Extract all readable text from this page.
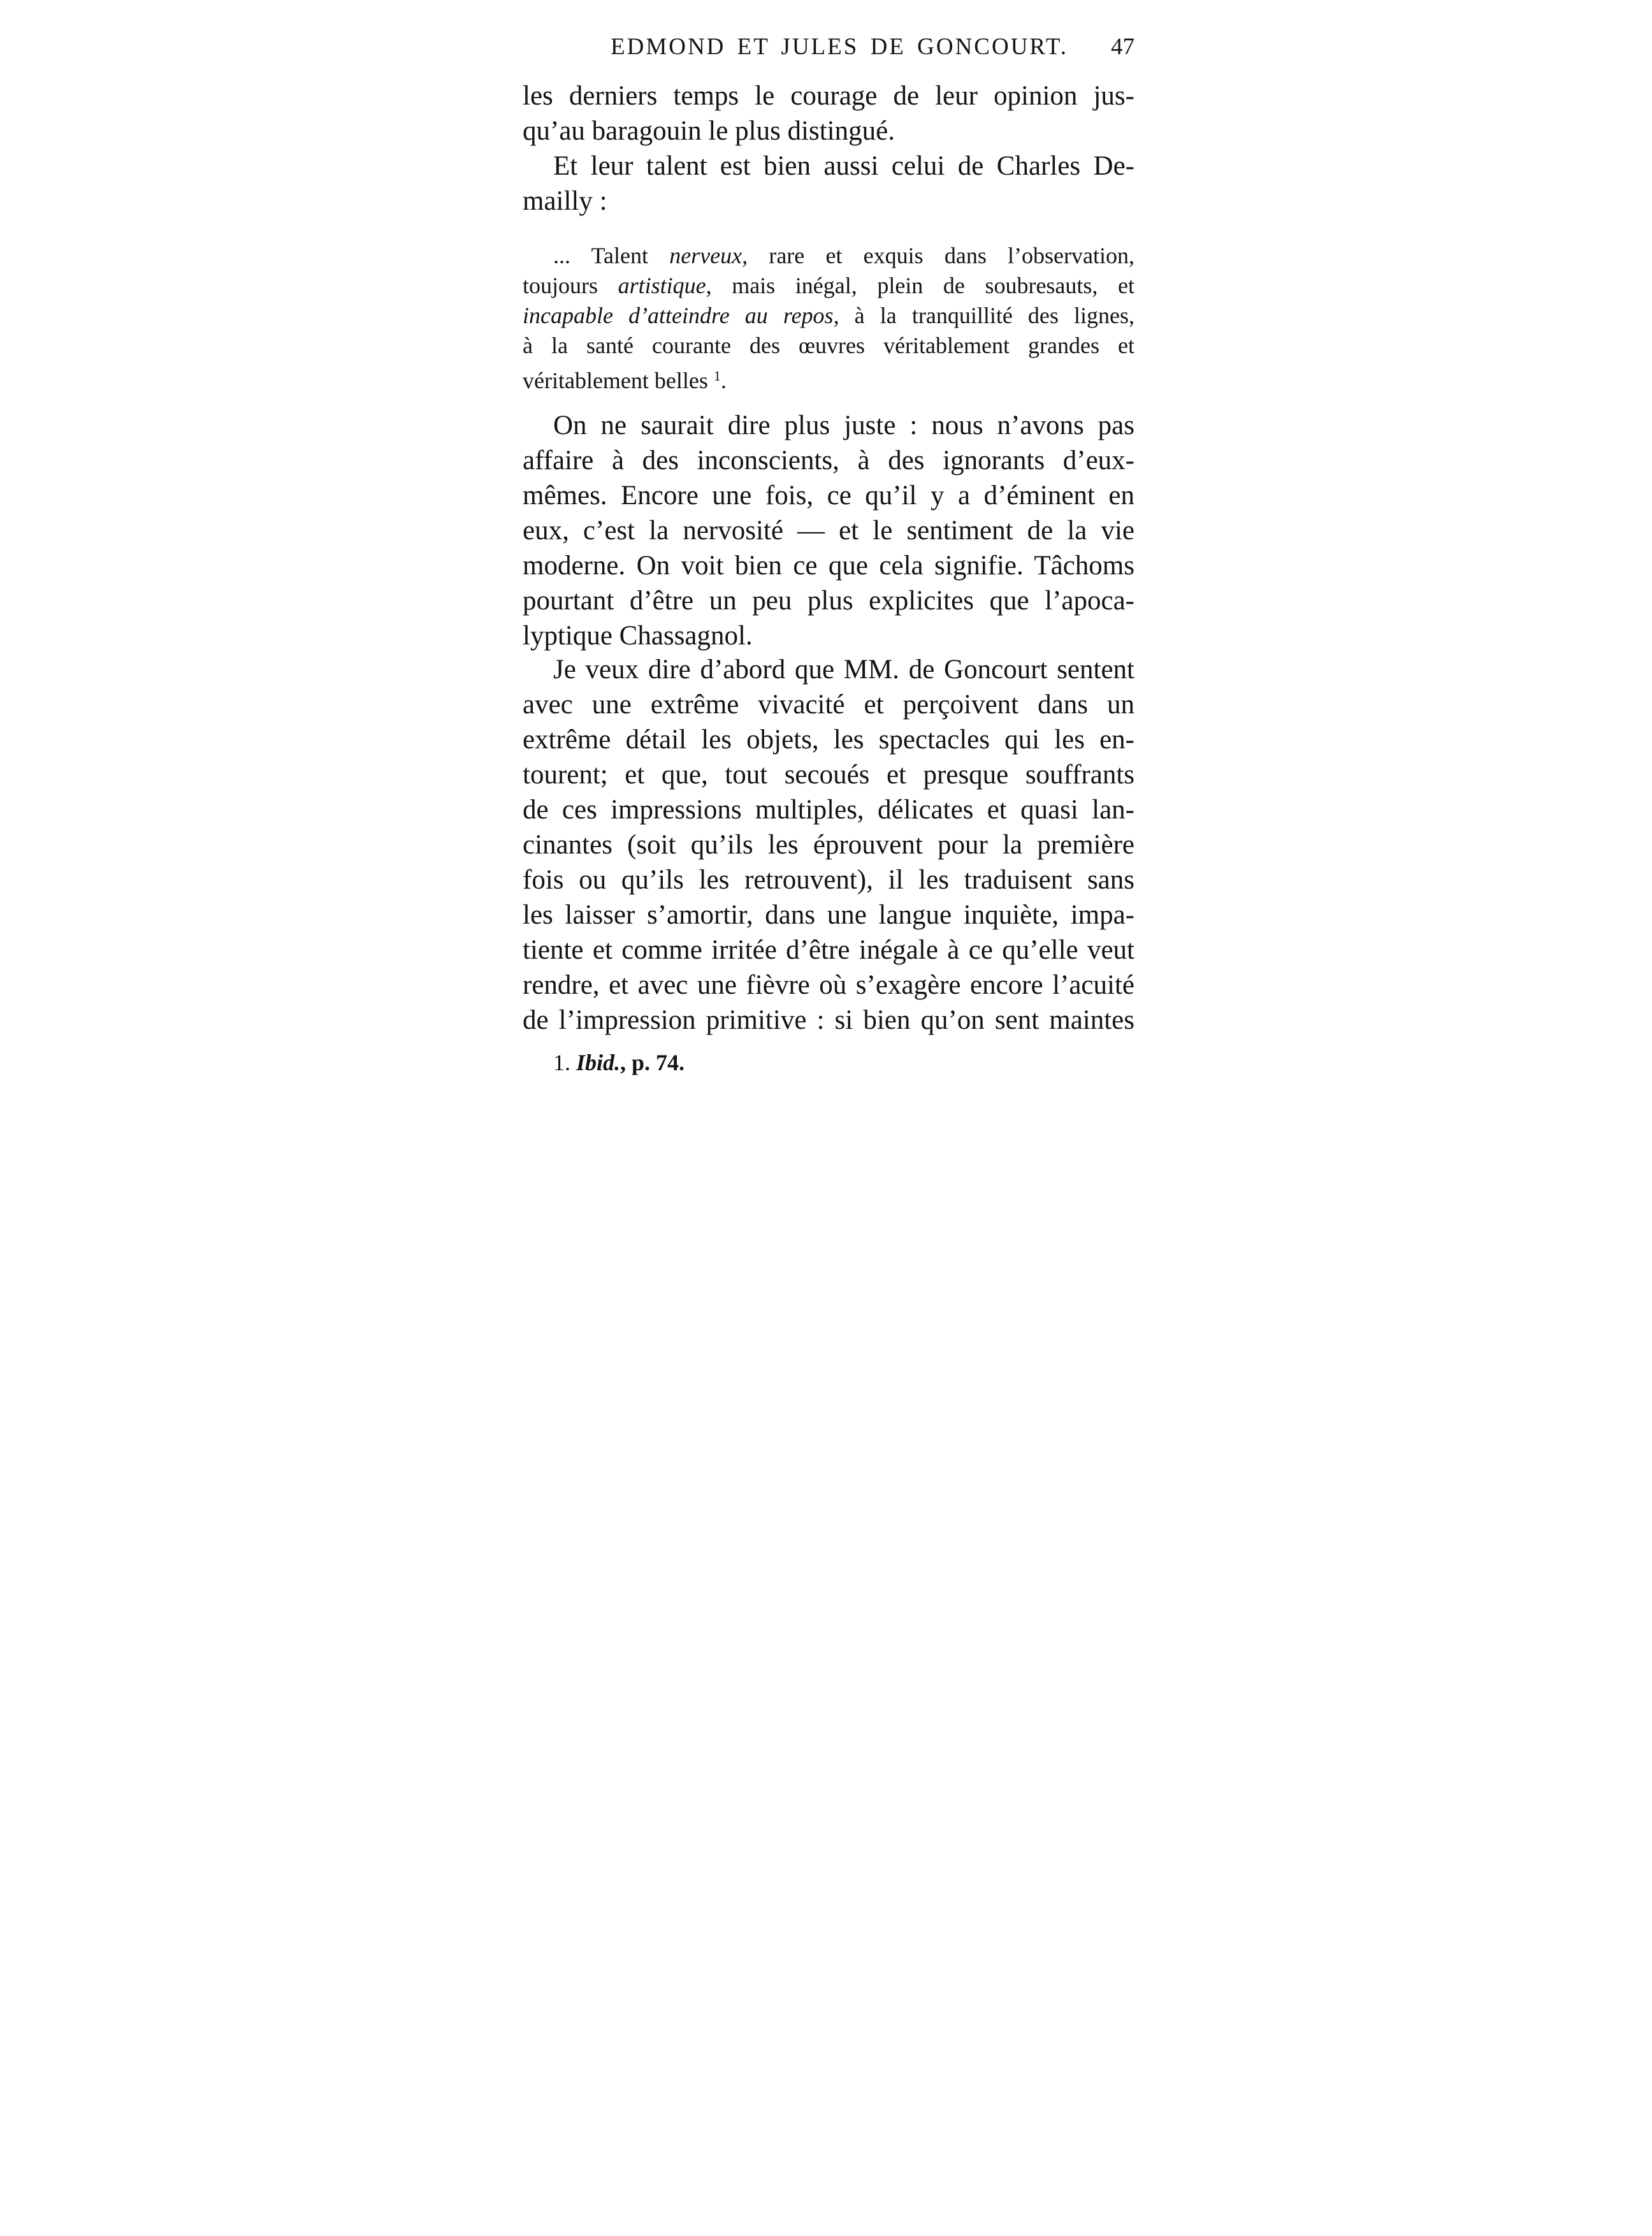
EDMOND ET JULES DE GONCOURT. 47
les derniers temps le courage de leur opinion jus-
qu’au baragouin le plus distingué.
Et leur talent est bien aussi celui de Charles De-
mailly :
... Talent nerveux, rare et exquis dans l’observation,
toujours artistique, mais inégal, plein de soubresauts, et
incapable d’atteindre au repos, à la tranquillité des lignes,
à la santé courante des œuvres véritablement grandes et
véritablement belles $^1$.
On ne saurait dire plus juste : nous n’avons pas
affaire à des inconscients, à des ignorants d’eux-
mêmes. Encore une fois, ce qu’il y a d’éminent en
eux, c’est la nervosité — et le sentiment de la vie
moderne. On voit bien ce que cela signifie. Tâchoms
pourtant d’être un peu plus explicites que l’apoca-
lyptique Chassagnol.
Je veux dire d’abord que MM. de Goncourt sentent
avec une extrême vivacité et perçoivent dans un
extrême détail les objets, les spectacles qui les en-
tourent; et que, tout secoués et presque souffrants
de ces impressions multiples, délicates et quasi lan-
cinantes (soit qu’ils les éprouvent pour la première
fois ou qu’ils les retrouvent), il les traduisent sans
les laisser s’amortir, dans une langue inquiète, impa-
tiente et comme irritée d’être inégale à ce qu’elle veut
rendre, et avec une fièvre où s’exagère encore l’acuité
de l’impression primitive : si bien qu’on sent maintes
1. Ibid., p. 74.
